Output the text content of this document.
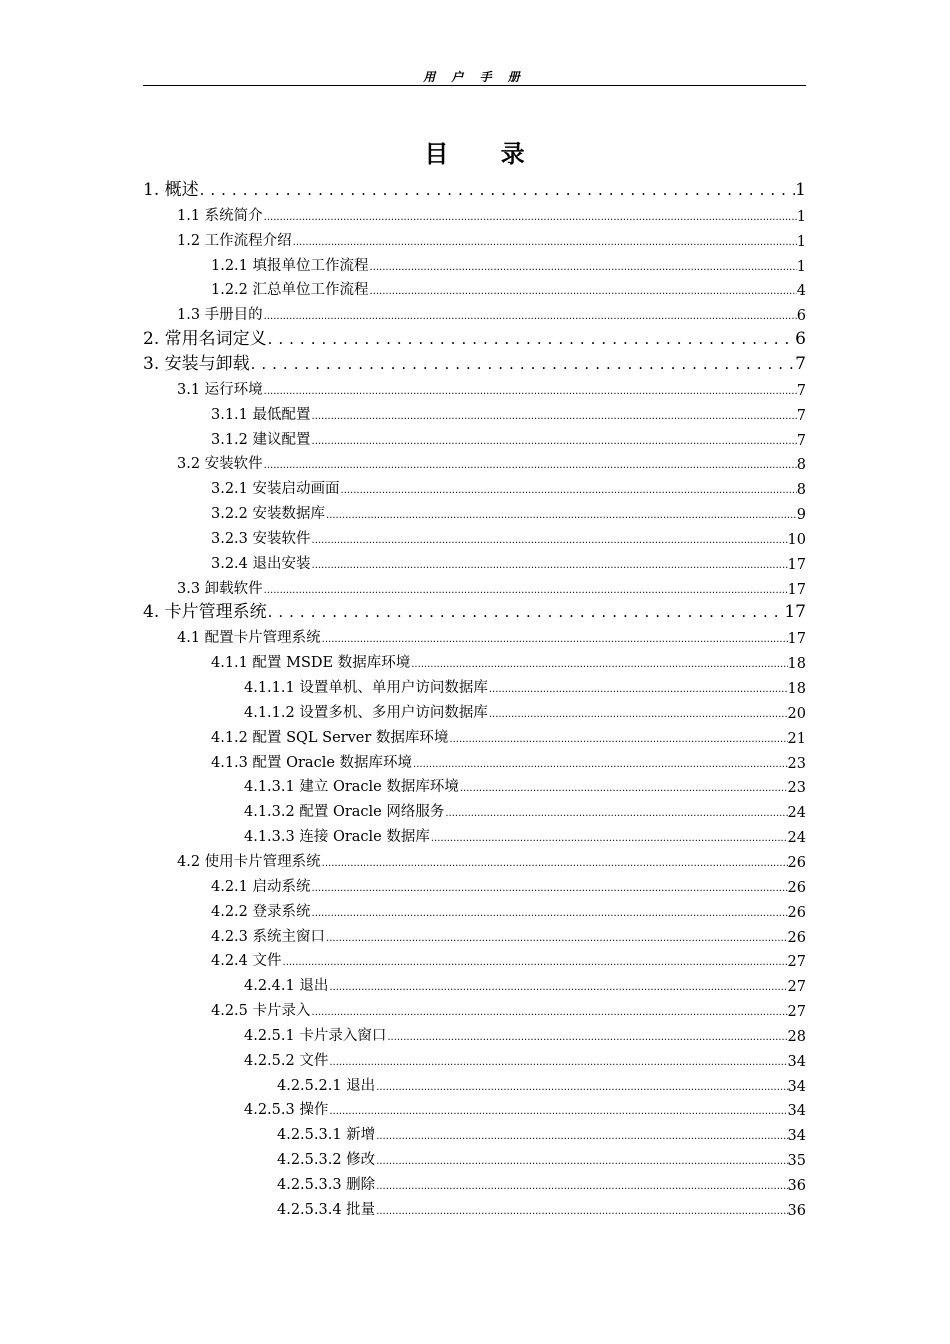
用 户 手 册
目 录
1. 概述 .....	1
1.1 系统简介 .....	1
1.2 工作流程介绍 .....	1
1.2.1 填报单位工作流程 .....	1
1.2.2 汇总单位工作流程 .....	4
1.3 手册目的 .....	6
2. 常用名词定义 .....	6
3. 安装与卸载 .....	7
3.1 运行环境 .....	7
3.1.1 最低配置 .....	7
3.1.2 建议配置 .....	7
3.2 安装软件 .....	8
3.2.1 安装启动画面 .....	8
3.2.2 安装数据库 .....	9
3.2.3 安装软件 .....	10
3.2.4 退出安装 .....	17
3.3 卸载软件 .....	17
4. 卡片管理系统 .....	17
4.1 配置卡片管理系统 .....	17
4.1.1 配置 MSDE 数据库环境 .....	18
4.1.1.1 设置单机、单用户访问数据库 .....	18
4.1.1.2 设置多机、多用户访问数据库 .....	20
4.1.2 配置 SQL Server 数据库环境 .....	21
4.1.3 配置 Oracle 数据库环境 .....	23
4.1.3.1 建立 Oracle 数据库环境 .....	23
4.1.3.2 配置 Oracle 网络服务 .....	24
4.1.3.3 连接 Oracle 数据库 .....	24
4.2 使用卡片管理系统 .....	26
4.2.1 启动系统 .....	26
4.2.2 登录系统 .....	26
4.2.3 系统主窗口 .....	26
4.2.4 文件 .....	27
4.2.4.1 退出 .....	27
4.2.5 卡片录入 .....	27
4.2.5.1 卡片录入窗口 .....	28
4.2.5.2 文件 .....	34
4.2.5.2.1 退出 .....	34
4.2.5.3 操作 .....	34
4.2.5.3.1 新增 .....	34
4.2.5.3.2 修改 .....	35
4.2.5.3.3 删除 .....	36
4.2.5.3.4 批量 .....	36
